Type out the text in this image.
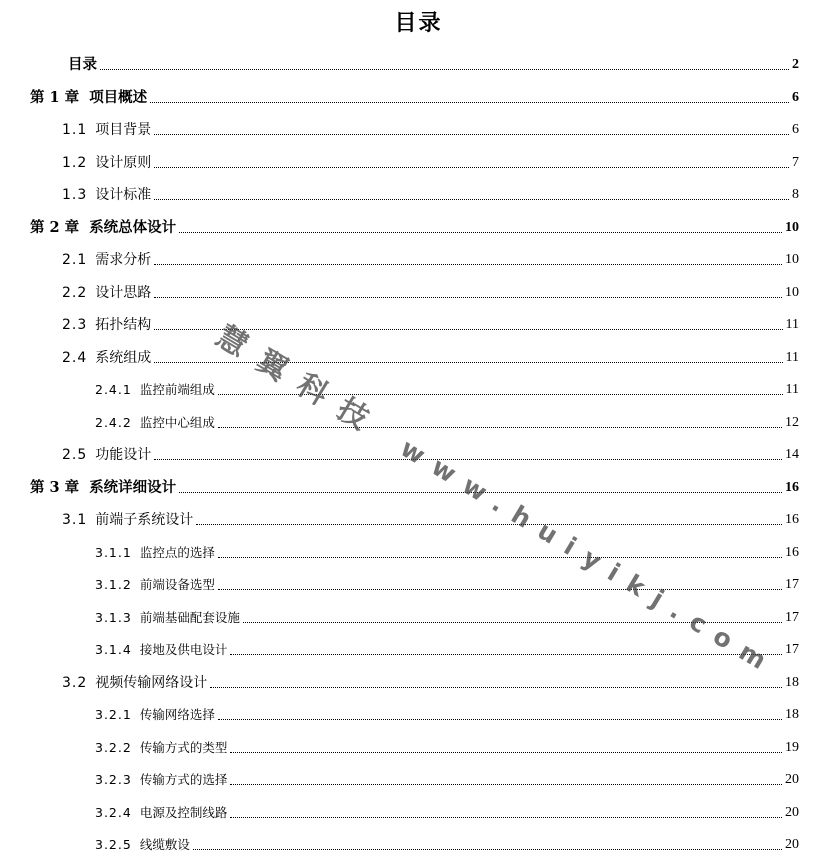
目录
目录	2
第 1 章 项目概述	6
1.1 项目背景	6
1.2 设计原则	7
1.3 设计标准	8
第 2 章 系统总体设计	10
2.1 需求分析	10
2.2 设计思路	10
2.3 拓扑结构	11
2.4 系统组成	11
2.4.1 监控前端组成	11
2.4.2 监控中心组成	12
2.5 功能设计	14
第 3 章 系统详细设计	16
3.1 前端子系统设计	16
3.1.1 监控点的选择	16
3.1.2 前端设备选型	17
3.1.3 前端基础配套设施	17
3.1.4 接地及供电设计	17
3.2 视频传输网络设计	18
3.2.1 传输网络选择	18
3.2.2 传输方式的类型	19
3.2.3 传输方式的选择	20
3.2.4 电源及控制线路	20
3.2.5 线缆敷设	20
慧翼科技 www.huiyikj.com
